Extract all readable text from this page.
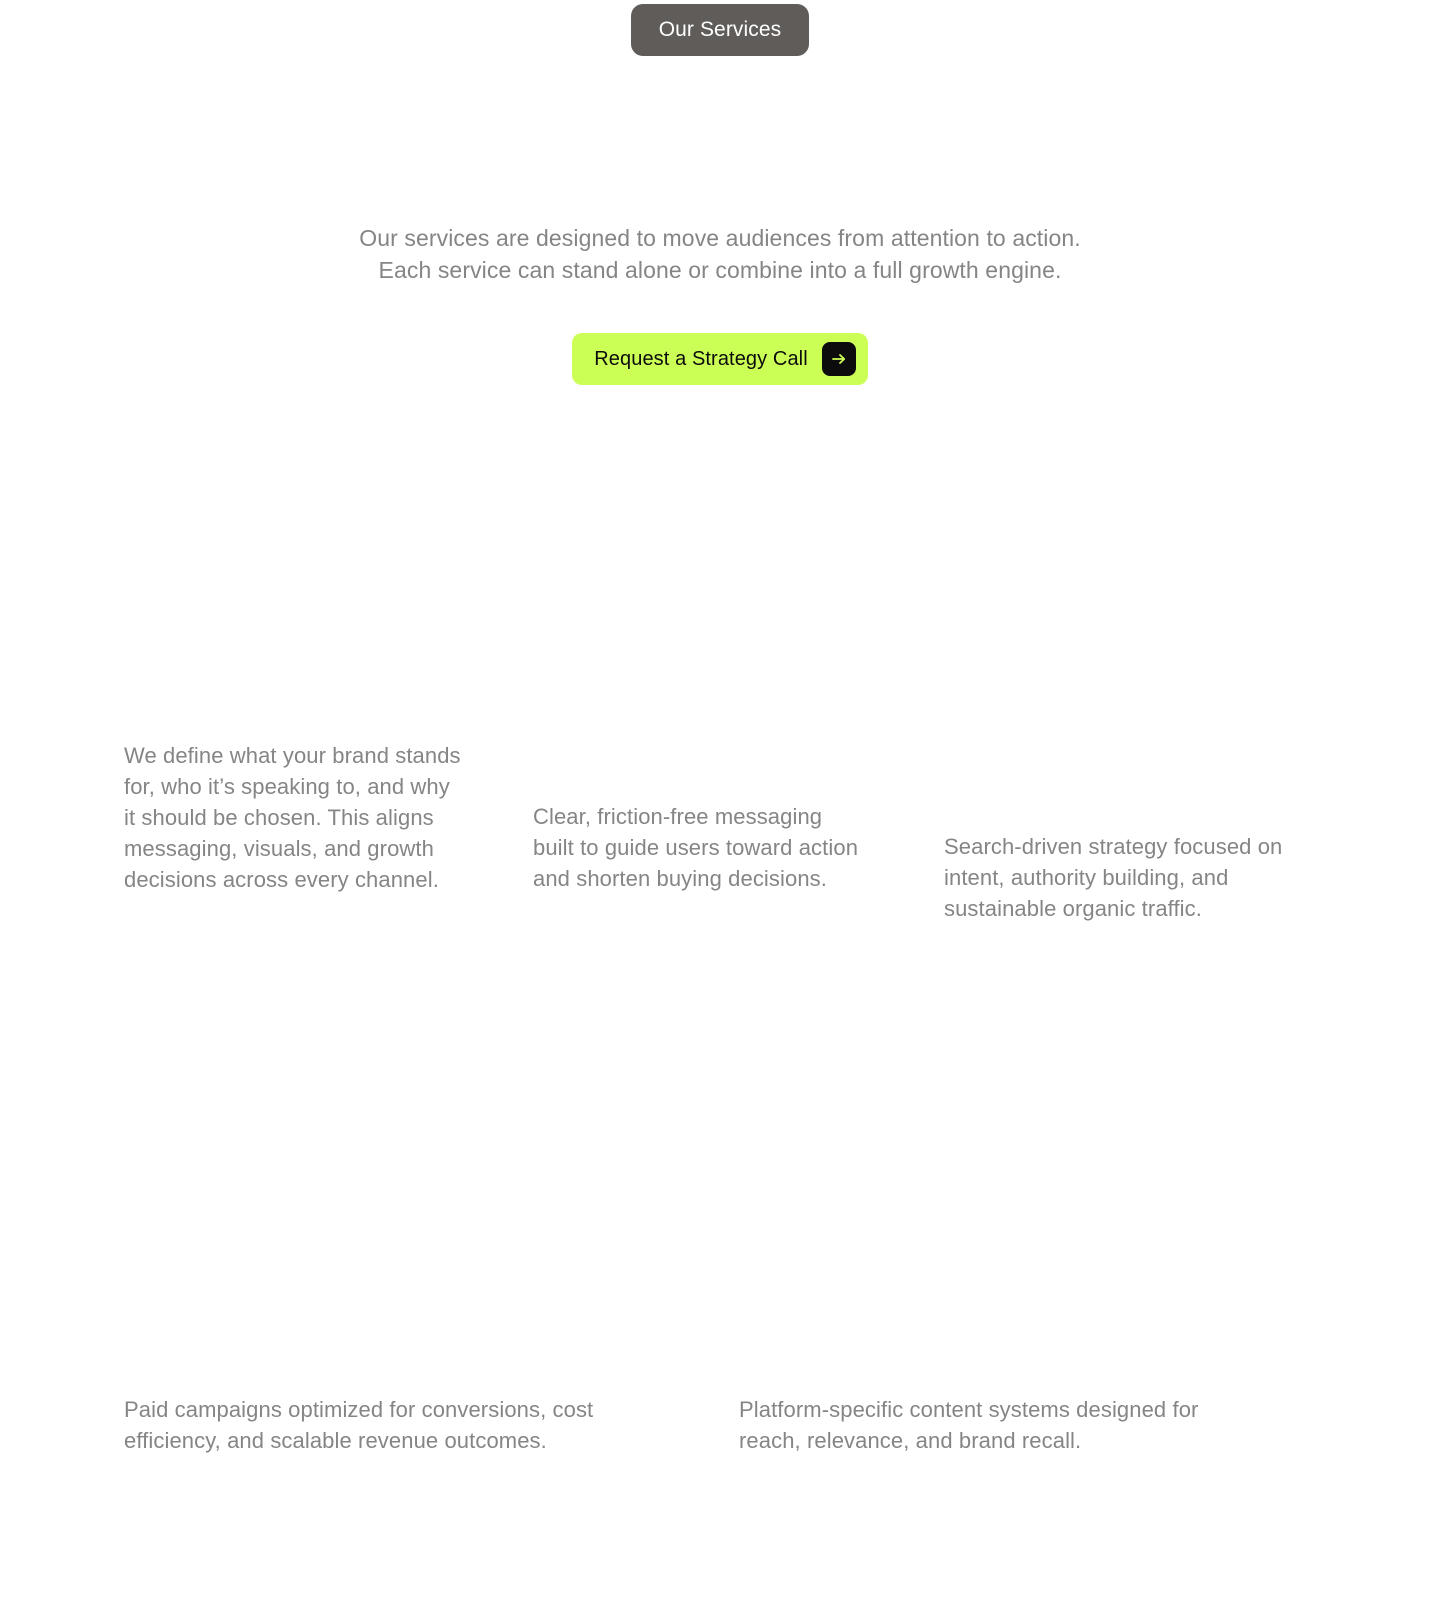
Our Services
Our services are designed to move audiences from attention to action.
Each service can stand alone or combine into a full growth engine.
Request a Strategy Call
We define what your brand stands for, who it’s speaking to, and why it should be chosen. This aligns messaging, visuals, and growth decisions across every channel.
Clear, friction-free messaging built to guide users toward action and shorten buying decisions.
Search-driven strategy focused on intent, authority building, and sustainable organic traffic.
Paid campaigns optimized for conversions, cost efficiency, and scalable revenue outcomes.
Platform-specific content systems designed for reach, relevance, and brand recall.
